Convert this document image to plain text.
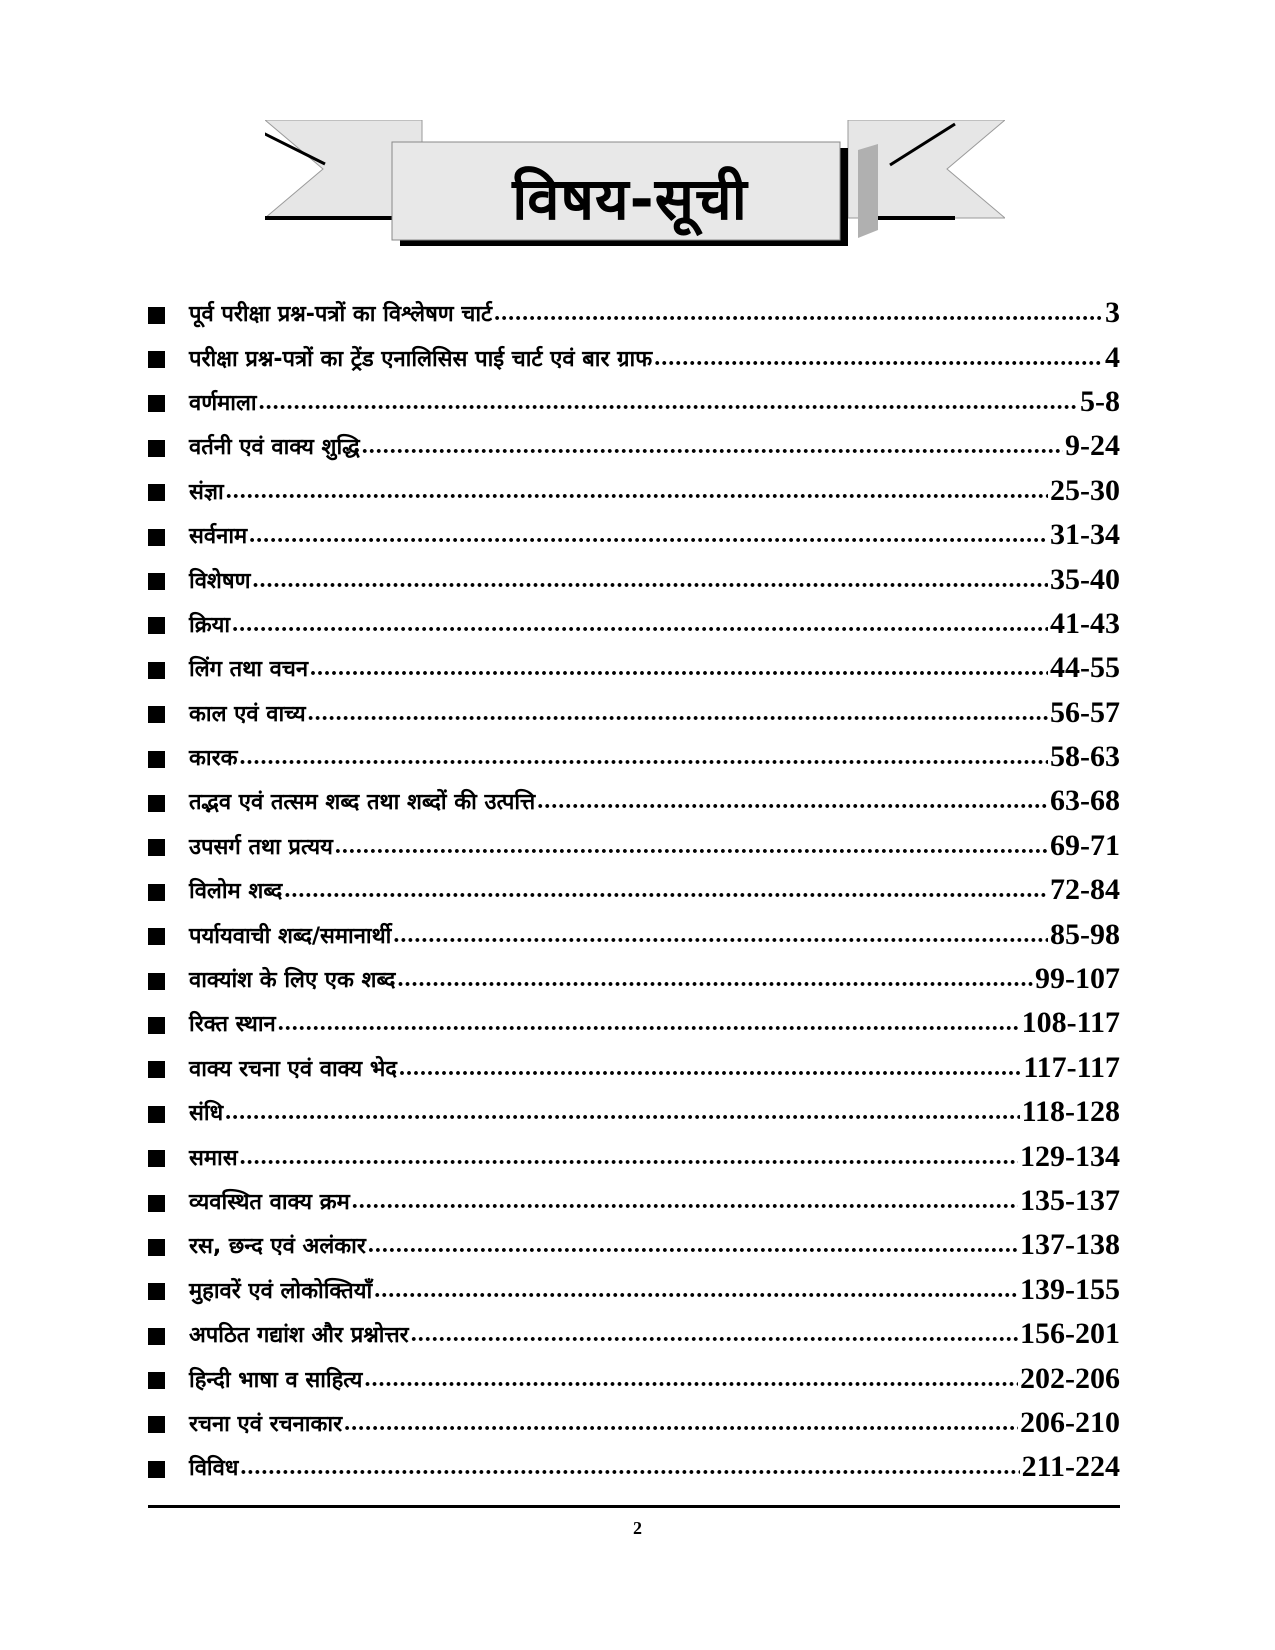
विषय-सूची
पूर्व परीक्षा प्रश्न-पत्रों का विश्लेषण चार्ट .....	3
परीक्षा प्रश्न-पत्रों का ट्रेंड एनालिसिस पाई चार्ट एवं बार ग्राफ .....	4
वर्णमाला .....	5-8
वर्तनी एवं वाक्य शुद्धि .....	9-24
संज्ञा .....	25-30
सर्वनाम .....	31-34
विशेषण .....	35-40
क्रिया .....	41-43
लिंग तथा वचन .....	44-55
काल एवं वाच्य .....	56-57
कारक .....	58-63
तद्भव एवं तत्सम शब्द तथा शब्दों की उत्पत्ति .....	63-68
उपसर्ग तथा प्रत्यय .....	69-71
विलोम शब्द .....	72-84
पर्यायवाची शब्द/समानार्थी .....	85-98
वाक्यांश के लिए एक शब्द .....	99-107
रिक्त स्थान .....	108-117
वाक्य रचना एवं वाक्य भेद .....	117-117
संधि .....	118-128
समास .....	129-134
व्यवस्थित वाक्य क्रम .....	135-137
रस, छन्द एवं अलंकार .....	137-138
मुहावरें एवं लोकोक्तियाँ .....	139-155
अपठित गद्यांश और प्रश्नोत्तर .....	156-201
हिन्दी भाषा व साहित्य .....	202-206
रचना एवं रचनाकार .....	206-210
विविध .....	211-224
2
